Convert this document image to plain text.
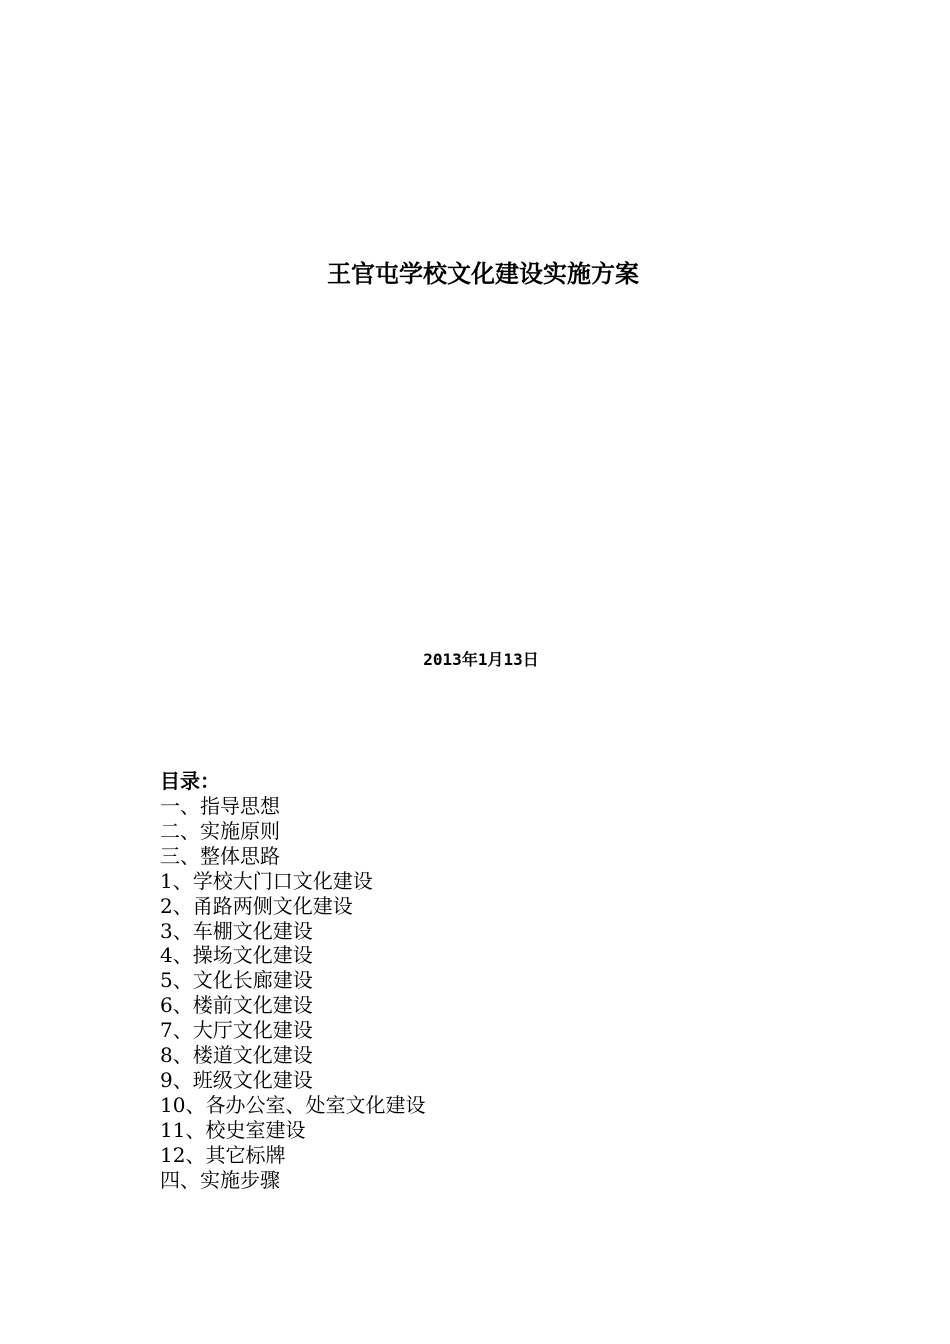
王官屯学校文化建设实施方案
2013年1月13日
目录：
一、指导思想
二、实施原则
三、整体思路
1、学校大门口文化建设
2、甬路两侧文化建设
3、车棚文化建设
4、操场文化建设
5、文化长廊建设
6、楼前文化建设
7、大厅文化建设
8、楼道文化建设
9、班级文化建设
10、各办公室、处室文化建设
11、校史室建设
12、其它标牌
四、实施步骤
